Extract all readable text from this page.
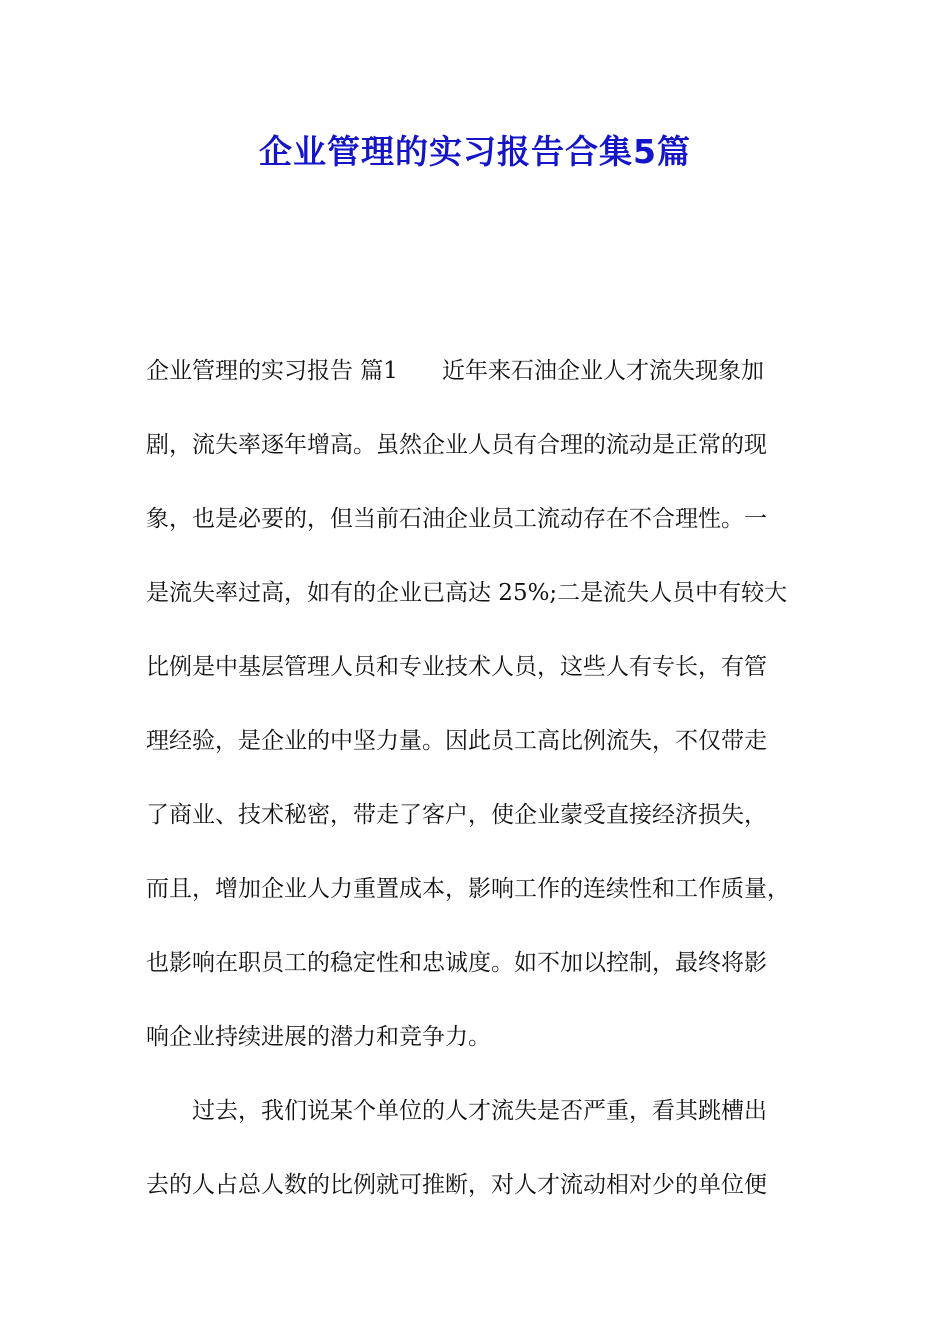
企业管理的实习报告合集5篇
企业管理的实习报告 篇1 近年来石油企业人才流失现象加
剧，流失率逐年增高。虽然企业人员有合理的流动是正常的现
象，也是必要的，但当前石油企业员工流动存在不合理性。一
是流失率过高，如有的企业已高达 25%;二是流失人员中有较大
比例是中基层管理人员和专业技术人员，这些人有专长，有管
理经验，是企业的中坚力量。因此员工高比例流失，不仅带走
了商业、技术秘密，带走了客户，使企业蒙受直接经济损失，
而且，增加企业人力重置成本，影响工作的连续性和工作质量，
也影响在职员工的稳定性和忠诚度。如不加以控制，最终将影
响企业持续进展的潜力和竞争力。
过去，我们说某个单位的人才流失是否严重，看其跳槽出
去的人占总人数的比例就可推断，对人才流动相对少的单位便
